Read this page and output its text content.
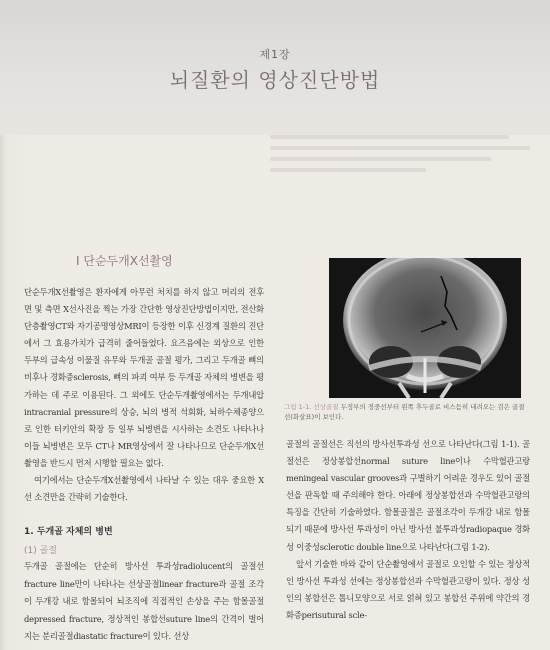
제1장
뇌질환의 영상진단방법
I 단순두개X선촬영

단순두개X선촬영은 환자에게 아무런 처치를 하지 않고 머리의 전후면 및 측면 X선사진을 찍는 가장 간단한 영상진단방법이지만, 전산화단층촬영CT와 자기공명영상MRI이 등장한 이후 신경계 질환의 진단에서 그 효용가치가 급격히 줄어들었다. 요즈음에는 외상으로 인한 두부의 급속성 이물질 유무와 두개골 골절 평가, 그리고 두개골 뼈의 비후나 경화증sclerosis, 뼈의 파괴 여부 등 두개골 자체의 병변을 평가하는 데 주로 이용된다. 그 외에도 단순두개촬영에서는 두개내압intracranial pressure의 상승, 뇌의 병적 석회화, 뇌하수체종양으로 인한 터키안의 확장 등 일부 뇌병변을 시사하는 소견도 나타나나 이들 뇌병변은 모두 CT나 MR영상에서 잘 나타나므로 단순두개X선촬영을 반드시 먼저 시행할 필요는 없다.

여기에서는 단순두개X선촬영에서 나타날 수 있는 대우 중요한 X선 소견만을 간략히 기술한다.

1. 두개골 자체의 병변
(1) 골절

두개골 골절에는 단순히 방사선 투과성radiolucent의 골절선fracture line만이 나타나는 선상골절linear fracture과 골절 조각이 두개강 내로 함몰되어 뇌조직에 직접적인 손상을 주는 함몰골절depressed fracture, 정상적인 봉합선suture line의 간격이 벌어지는 분리골절diastatic fracture이 있다. 선상

그림 1-1. 선상골절 두정부의 정중선부터 왼쪽 후두골로 비스듬히 내려오는 검은 골절선(화살표)이 보인다.

골절의 골절선은 직선의 방사선투과성 선으로 나타난다(그림 1-1). 골절선은 정상봉합선normal suture line이나 수막혈관고랑meningeal vascular grooves과 구별하기 어려운 경우도 있어 골절선을 판독할 때 주의해야 한다. 아래에 정상봉합선과 수막혈관고랑의 특징을 간단히 기술하였다. 함몰골절은 골절조각이 두개강 내로 함몰되기 때문에 방사선 투과성이 아닌 방사선 불투과성radiopaque 경화성 이중성sclerotic double line으로 나타난다(그림 1-2).

앞서 기술한 바와 같이 단순촬영에서 골절로 오인할 수 있는 정상적인 방사선 투과성 선에는 정상봉합선과 수막혈관고랑이 있다. 정상 성인의 봉합선은 톱니모양으로 서로 얽혀 있고 봉합선 주위에 약간의 경화증perisutural scle-
